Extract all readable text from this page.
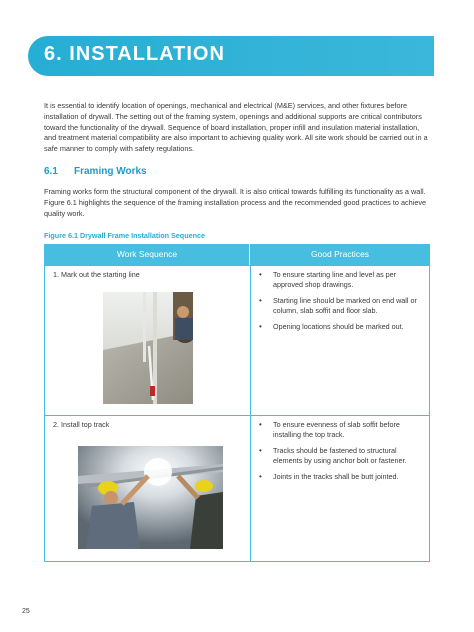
6. INSTALLATION

It is essential to identify location of openings, mechanical and electrical (M&E) services, and other fixtures before installation of drywall. The setting out of the framing system, openings and additional supports are critical contributors toward the functionality of the drywall. Sequence of board installation, proper infill and insulation material installation, and treatment material compatibility are also important to achieving quality work. All site work should be carried out in a safe manner to comply with safety regulations.

6.1 Framing Works

Framing works form the structural component of the drywall. It is also critical towards fulfilling its functionality as a wall. Figure 6.1 highlights the sequence of the framing installation process and the recommended good practices to achieve quality work.

Figure 6.1 Drywall Frame Installation Sequence

Work Sequence	Good Practices

1. Mark out the starting line	• To ensure starting line and level as per approved shop drawings.
• Starting line should be marked on end wall or column, slab soffit and floor slab.
• Opening locations should be marked out.

2. Install top track	• To ensure evenness of slab soffit before installing the top track.
• Tracks should be fastened to structural elements by using anchor bolt or fastener.
• Joints in the tracks shall be butt jointed.

25
